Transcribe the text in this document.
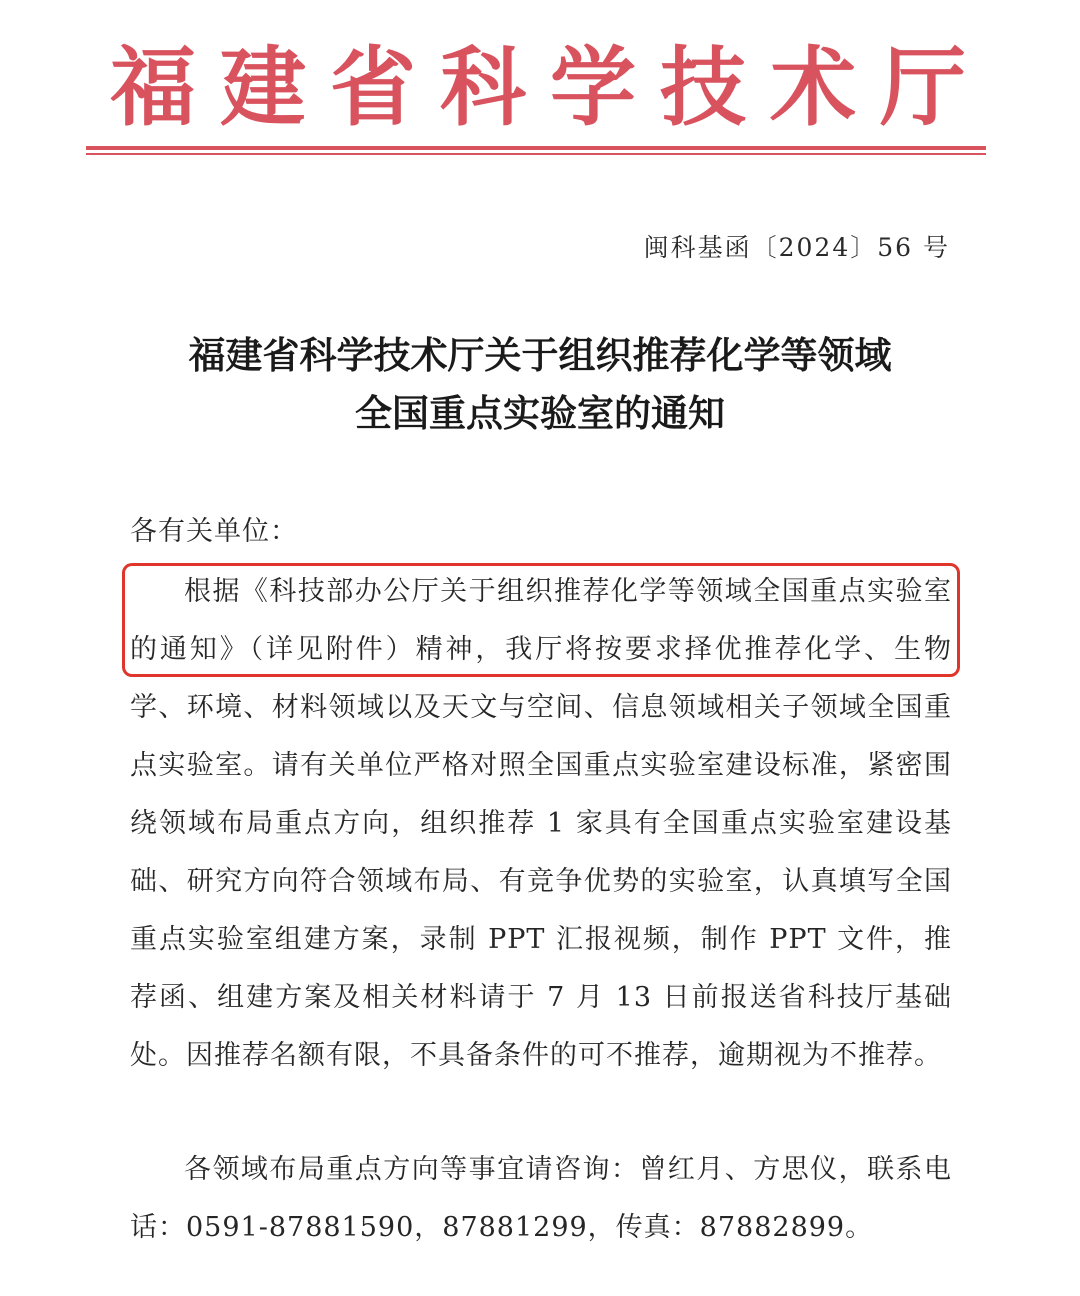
福建省科学技术厅
闽科基函〔2024〕56 号
福建省科学技术厅关于组织推荐化学等领域
全国重点实验室的通知
各有关单位：
根据《科技部办公厅关于组织推荐化学等领域全国重点实验室的通知》（详见附件）精神，我厅将按要求择优推荐化学、生物学、环境、材料领域以及天文与空间、信息领域相关子领域全国重点实验室。请有关单位严格对照全国重点实验室建设标准，紧密围绕领域布局重点方向，组织推荐 1 家具有全国重点实验室建设基础、研究方向符合领域布局、有竞争优势的实验室，认真填写全国重点实验室组建方案，录制 PPT 汇报视频，制作 PPT 文件，推荐函、组建方案及相关材料请于 7 月 13 日前报送省科技厅基础处。因推荐名额有限，不具备条件的可不推荐，逾期视为不推荐。
各领域布局重点方向等事宜请咨询：曾红月、方思仪，联系电话：0591-87881590，87881299，传真：87882899。
